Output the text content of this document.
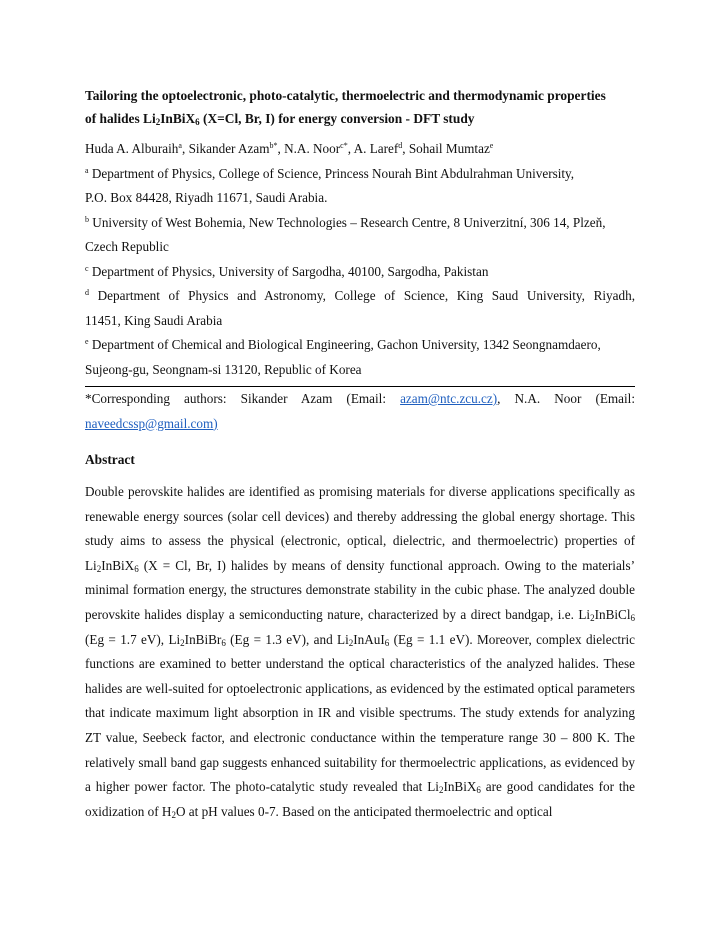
Tailoring the optoelectronic, photo-catalytic, thermoelectric and thermodynamic properties
of halides $Li_2InBiX_6$ (X=Cl, Br, I) for energy conversion - DFT study

Huda A. Alburaih$^a$, Sikander Azam$^{b*}$, N.A. Noor$^{c*}$, A. Laref$^d$, Sohail Mumtaz$^e$

$^a$ Department of Physics, College of Science, Princess Nourah Bint Abdulrahman University,
P.O. Box 84428, Riyadh 11671, Saudi Arabia.

$^b$ University of West Bohemia, New Technologies – Research Centre, 8 Univerzitní, 306 14, Plzeň,
Czech Republic

$^c$ Department of Physics, University of Sargodha, 40100, Sargodha, Pakistan

$^d$ Department of Physics and Astronomy, College of Science, King Saud University, Riyadh,

11451, King Saudi Arabia

$^e$ Department of Chemical and Biological Engineering, Gachon University, 1342 Seongnamdaero,
Sujeong-gu, Seongnam-si 13120, Republic of Korea

*Corresponding authors: Sikander Azam (Email: azam@ntc.zcu.cz), N.A. Noor (Email:

naveedcssp@gmail.com)

Abstract

Double perovskite halides are identified as promising materials for diverse applications specifically as renewable energy sources (solar cell devices) and thereby addressing the global energy shortage. This study aims to assess the physical (electronic, optical, dielectric, and thermoelectric) properties of $Li_2InBiX_6$ (X = Cl, Br, I) halides by means of density functional approach. Owing to the materials’ minimal formation energy, the structures demonstrate stability in the cubic phase. The analyzed double perovskite halides display a semiconducting nature, characterized by a direct bandgap, i.e. $Li_2InBiCl_6$ (Eg = 1.7 eV), $Li_2InBiBr_6$ (Eg = 1.3 eV), and $Li_2InAuI_6$ (Eg = 1.1 eV). Moreover, complex dielectric functions are examined to better understand the optical characteristics of the analyzed halides. These halides are well-suited for optoelectronic applications, as evidenced by the estimated optical parameters that indicate maximum light absorption in IR and visible spectrums. The study extends for analyzing ZT value, Seebeck factor, and electronic conductance within the temperature range 30 – 800 K. The relatively small band gap suggests enhanced suitability for thermoelectric applications, as evidenced by a higher power factor. The photo-catalytic study revealed that $Li_2InBiX_6$ are good candidates for the oxidization of $H_2O$ at pH values 0-7. Based on the anticipated thermoelectric and optical
